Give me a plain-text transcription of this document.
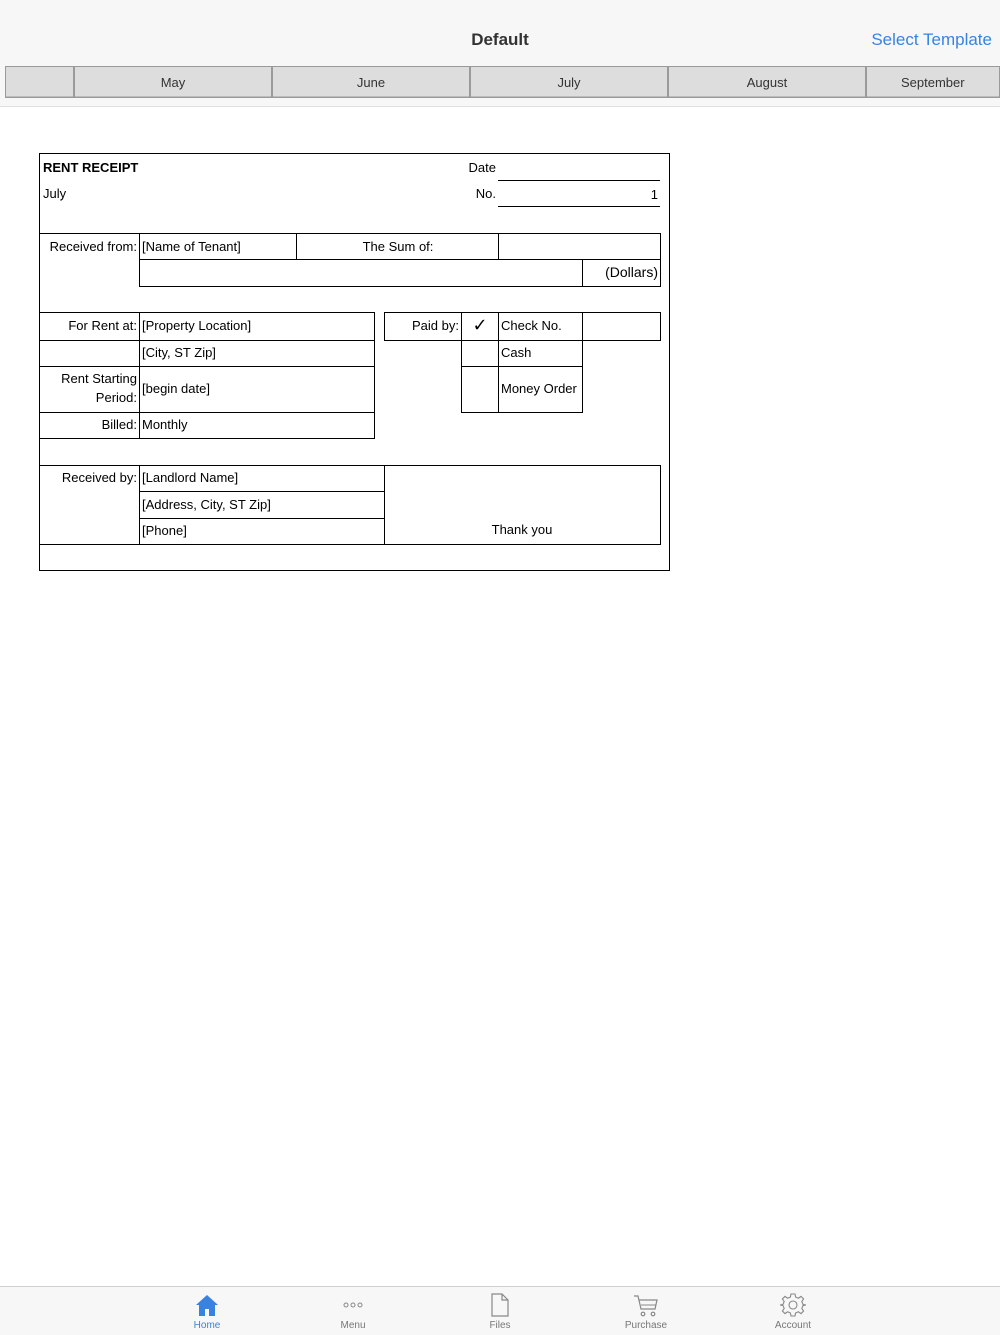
Default	Select Template
May	June	July	August	September
RENT RECEIPT
July
Date
No.	1
Received from: [Name of Tenant]	The Sum of:
(Dollars)
For Rent at: [Property Location]
[City, ST Zip]
Rent Starting
Period:
[begin date]
Billed: Monthly
Paid by: ✓	Check No.
Cash
Money Order
Received by: [Landlord Name]
[Address, City, ST Zip]
[Phone]	Thank you
Home	Menu	Files	Purchase	Account
